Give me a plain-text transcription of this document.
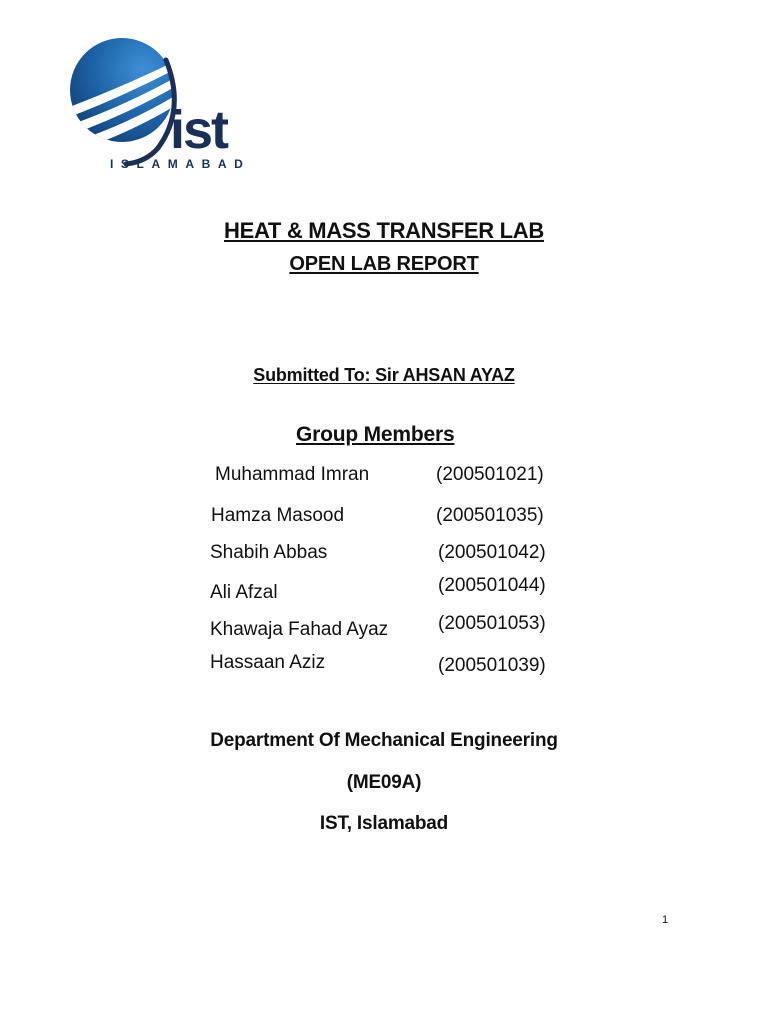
ist
ISLAMABAD
HEAT & MASS TRANSFER LAB
OPEN LAB REPORT
Submitted To: Sir AHSAN AYAZ
Group Members
Muhammad Imran	(200501021)
Hamza Masood	(200501035)
Shabih Abbas	(200501042)
Ali Afzal	(200501044)
Khawaja Fahad Ayaz	(200501053)
Hassaan Aziz	(200501039)
Department Of Mechanical Engineering
(ME09A)
IST, Islamabad
1
